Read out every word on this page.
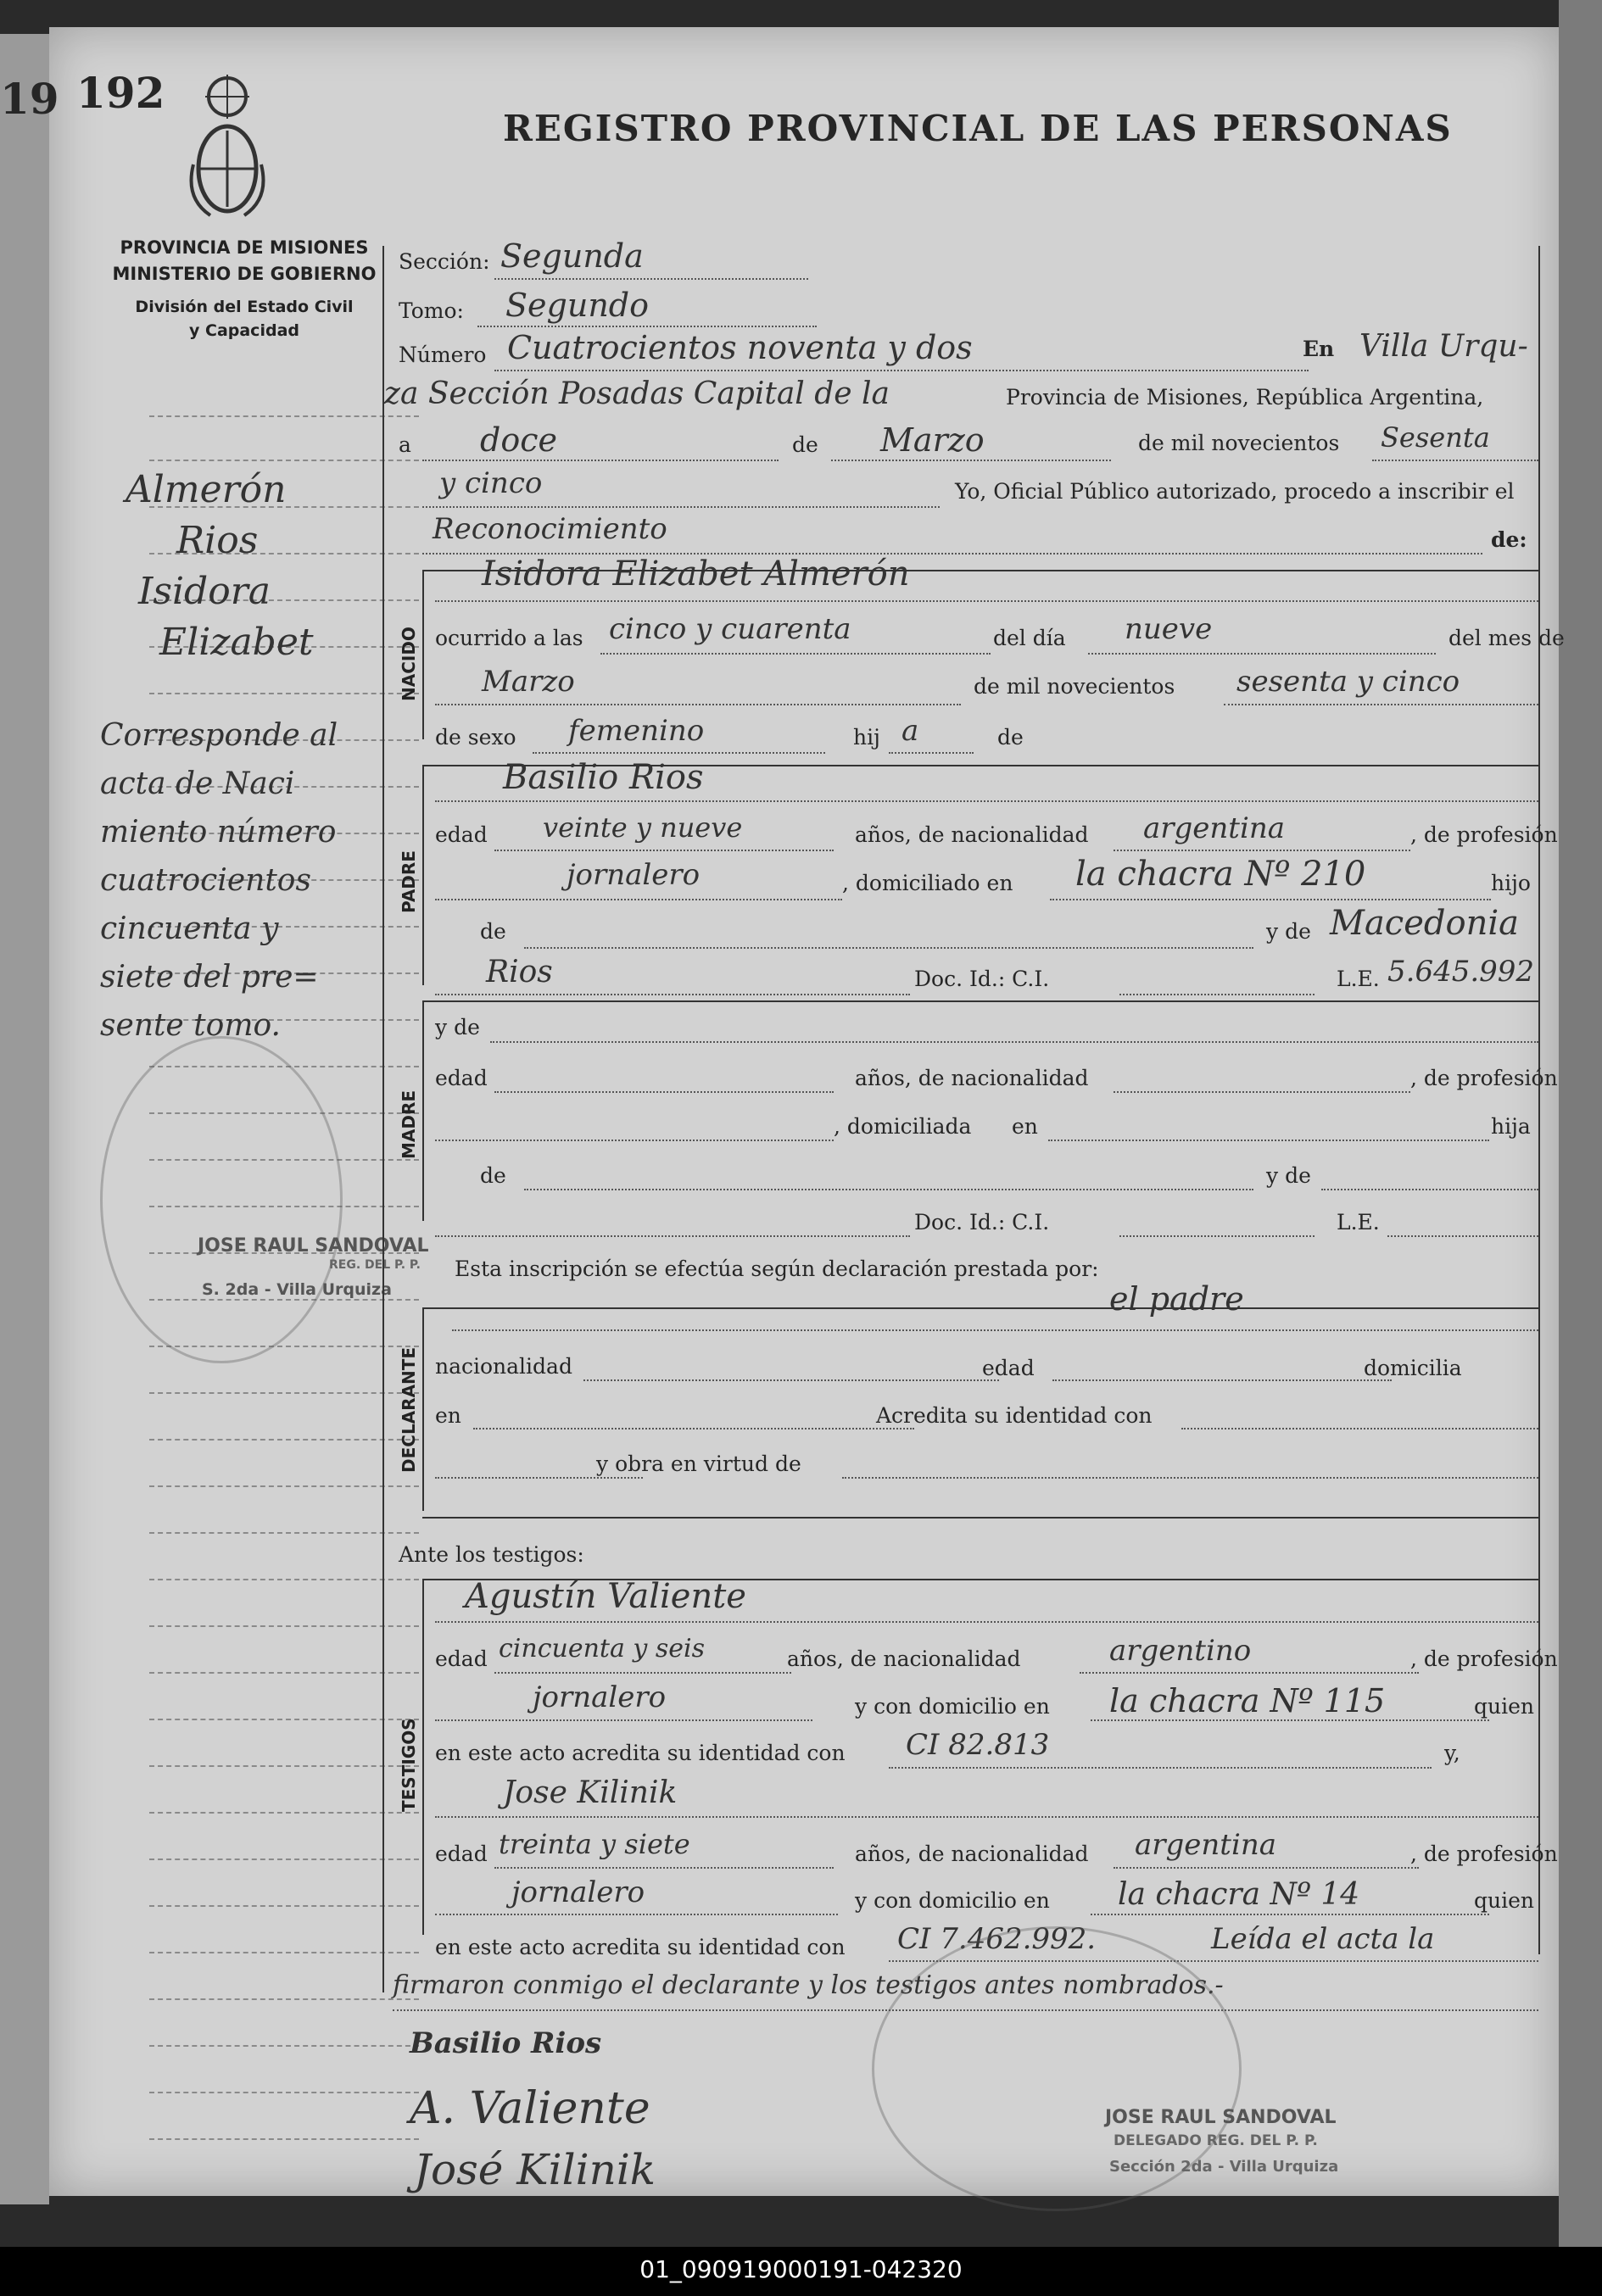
19 192
REGISTRO PROVINCIAL DE LAS PERSONAS
PROVINCIA DE MISIONES
MINISTERIO DE GOBIERNO
División del Estado Civil
y Capacidad
Almerón
Rios
Isidora
Elizabet
Corresponde al
acta de Naci
miento número
cuatrocientos
cincuenta y
siete del pre=
sente tomo.
JOSE RAUL SANDOVAL
REG. DEL P. P.
S. 2da - Villa Urquiza
NACIDO
PADRE
MADRE
DECLARANTE
TESTIGOS
Sección: Segunda
Tomo: Segundo
Número Cuatrocientos noventa y dos	En Villa Urqu-
za Sección Posadas Capital de la	Provincia de Misiones, República Argentina,
a doce	de Marzo	de mil novecientos Sesenta
y cinco	Yo, Oficial Público autorizado, procedo a inscribir el
Reconocimiento	de:
Isidora Elizabet Almerón
ocurrido a las cinco y cuarenta	del día nueve	del mes de
Marzo	de mil novecientos sesenta y cinco
de sexo femenino	hij a	de
Basilio Rios
edad veinte y nueve	años, de nacionalidad argentina	, de profesión
jornalero	, domiciliado en la chacra Nº 210	hijo
de	y de Macedonia
Rios	Doc. Id.: C.I.	L.E. 5.645.992
y de
edad	años, de nacionalidad	, de profesión
, domiciliada en	hija
de	y de
Doc. Id.: C.I.	L.E.
Esta inscripción se efectúa según declaración prestada por:
el padre
nacionalidad	edad	domicilia
en	Acredita su identidad con
y obra en virtud de
Ante los testigos:
Agustín Valiente
edad cincuenta y seis	años, de nacionalidad	argentino	, de profesión
jornalero	y con domicilio en la chacra Nº 115	quien
en este acto acredita su identidad con CI 82.813	y,
Jose Kilinik
edad treinta y siete	años, de nacionalidad argentina	, de profesión
jornalero	y con domicilio en la chacra Nº 14	quien
en este acto acredita su identidad con CI 7.462.992.	Leída el acta la
firmaron conmigo el declarante y los testigos antes nombrados.-
JOSE RAUL SANDOVAL
DELEGADO REG. DEL P. P.
Sección 2da - Villa Urquiza
Basilio Rios
A. Valiente
José Kilinik
01_090919000191-042320
